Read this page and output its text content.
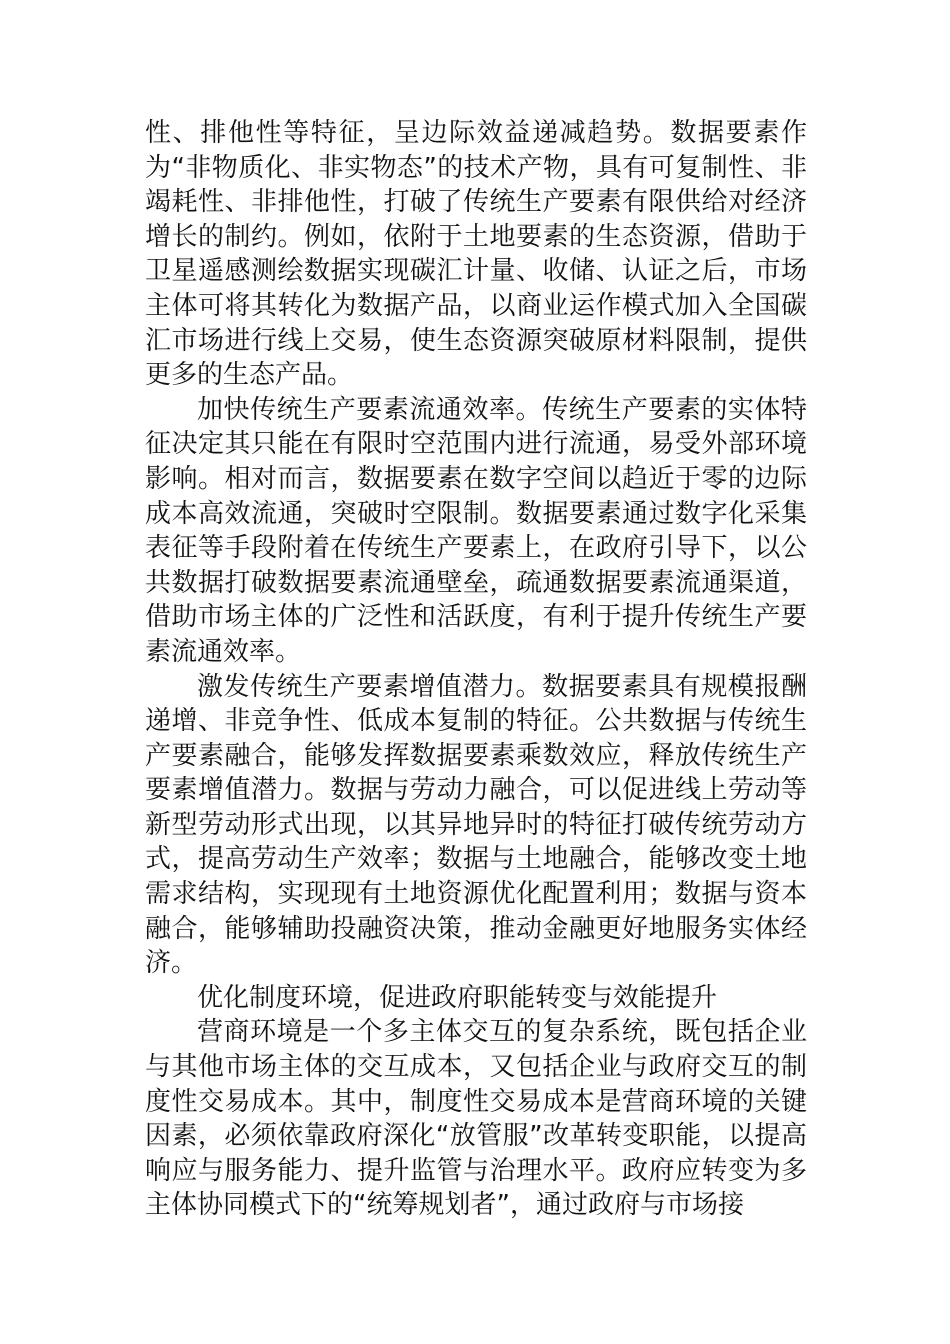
性、排他性等特征，呈边际效益递减趋势。数据要素作为“非物质化、非实物态”的技术产物，具有可复制性、非竭耗性、非排他性，打破了传统生产要素有限供给对经济增长的制约。例如，依附于土地要素的生态资源，借助于卫星遥感测绘数据实现碳汇计量、收储、认证之后，市场主体可将其转化为数据产品，以商业运作模式加入全国碳汇市场进行线上交易，使生态资源突破原材料限制，提供更多的生态产品。

加快传统生产要素流通效率。传统生产要素的实体特征决定其只能在有限时空范围内进行流通，易受外部环境影响。相对而言，数据要素在数字空间以趋近于零的边际成本高效流通，突破时空限制。数据要素通过数字化采集表征等手段附着在传统生产要素上，在政府引导下，以公共数据打破数据要素流通壁垒，疏通数据要素流通渠道，借助市场主体的广泛性和活跃度，有利于提升传统生产要素流通效率。

激发传统生产要素增值潜力。数据要素具有规模报酬递增、非竞争性、低成本复制的特征。公共数据与传统生产要素融合，能够发挥数据要素乘数效应，释放传统生产要素增值潜力。数据与劳动力融合，可以促进线上劳动等新型劳动形式出现，以其异地异时的特征打破传统劳动方式，提高劳动生产效率；数据与土地融合，能够改变土地需求结构，实现现有土地资源优化配置利用；数据与资本融合，能够辅助投融资决策，推动金融更好地服务实体经济。

优化制度环境，促进政府职能转变与效能提升

营商环境是一个多主体交互的复杂系统，既包括企业与其他市场主体的交互成本，又包括企业与政府交互的制度性交易成本。其中，制度性交易成本是营商环境的关键因素，必须依靠政府深化“放管服”改革转变职能，以提高响应与服务能力、提升监管与治理水平。政府应转变为多主体协同模式下的“统筹规划者”，通过政府与市场接
